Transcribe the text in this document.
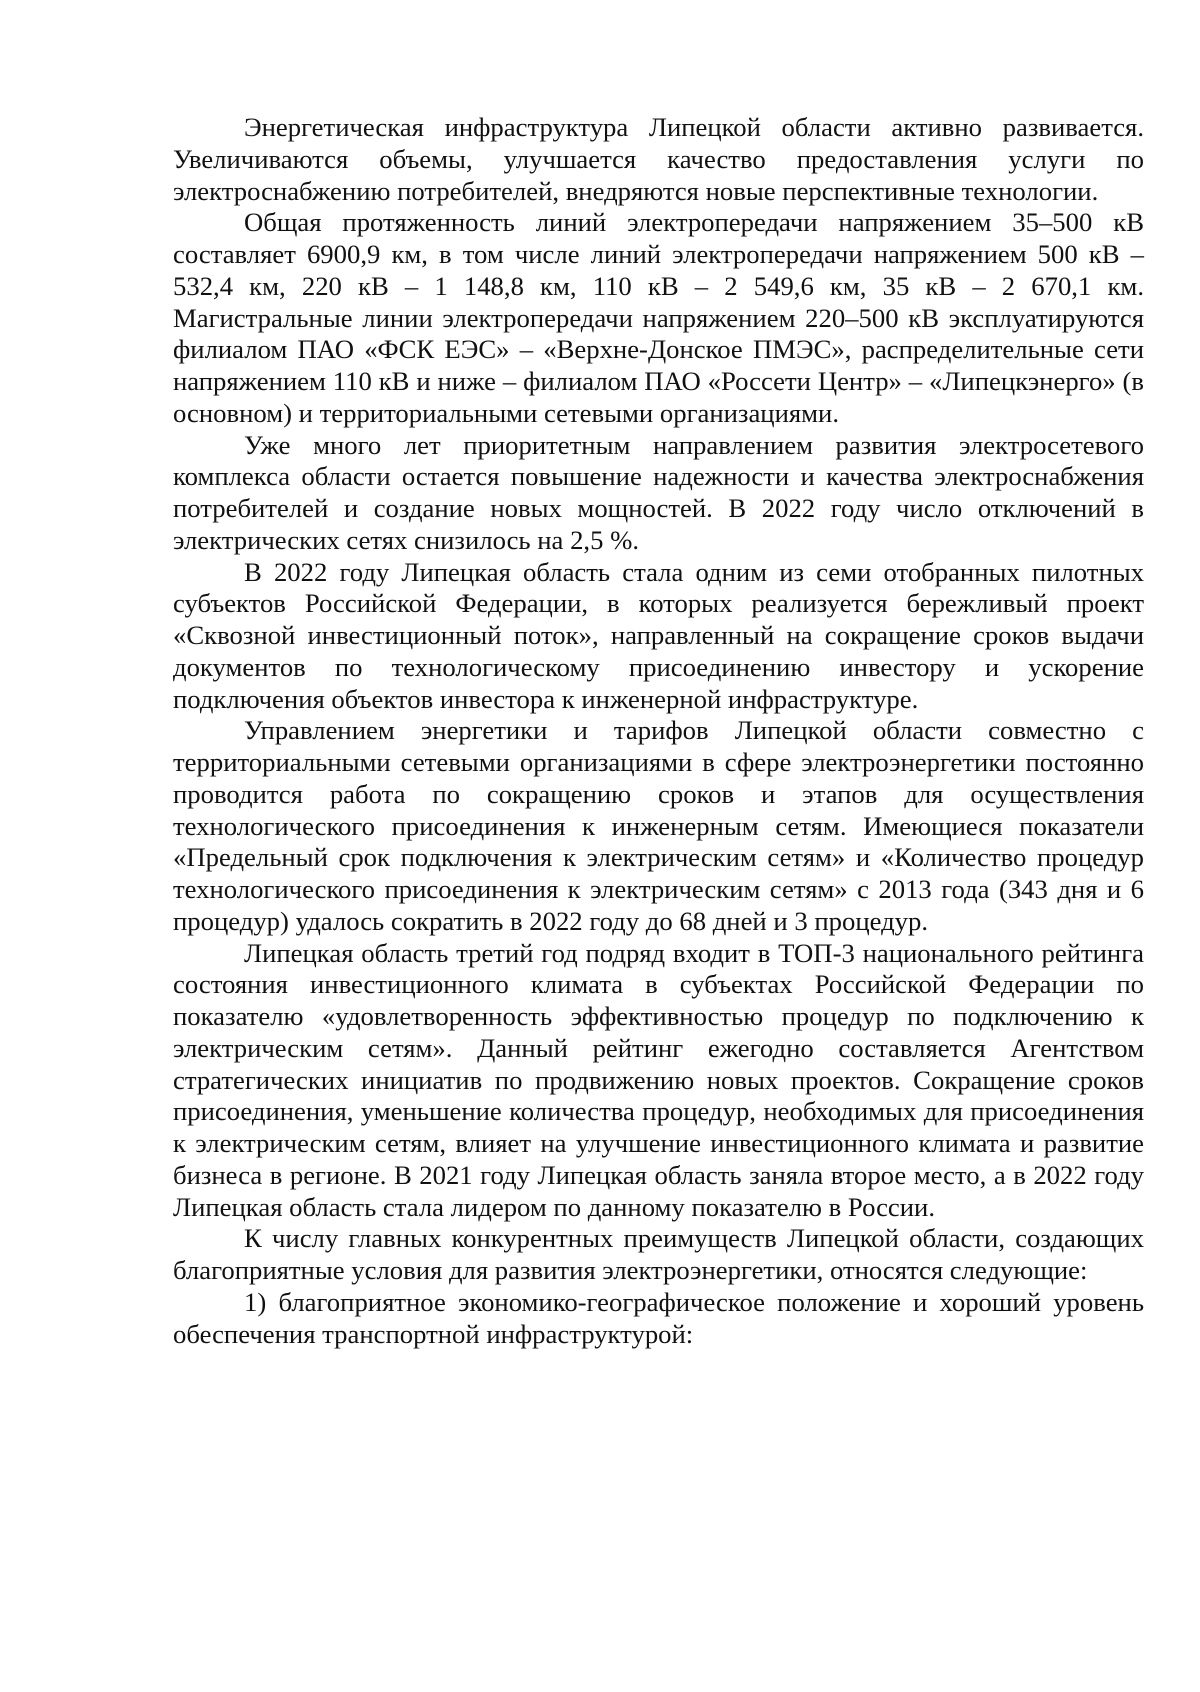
Энергетическая инфраструктура Липецкой области активно развивается. Увеличиваются объемы, улучшается качество предоставления услуги по электроснабжению потребителей, внедряются новые перспективные технологии.

Общая протяженность линий электропередачи напряжением 35–500 кВ составляет 6900,9 км, в том числе линий электропередачи напряжением 500 кВ – 532,4 км, 220 кВ – 1 148,8 км, 110 кВ – 2 549,6 км, 35 кВ – 2 670,1 км. Магистральные линии электропередачи напряжением 220–500 кВ эксплуатируются филиалом ПАО «ФСК ЕЭС» – «Верхне-Донское ПМЭС», распределительные сети напряжением 110 кВ и ниже – филиалом ПАО «Россети Центр» – «Липецкэнерго» (в основном) и территориальными сетевыми организациями.

Уже много лет приоритетным направлением развития электросетевого комплекса области остается повышение надежности и качества электроснабжения потребителей и создание новых мощностей. В 2022 году число отключений в электрических сетях снизилось на 2,5 %.

В 2022 году Липецкая область стала одним из семи отобранных пилотных субъектов Российской Федерации, в которых реализуется бережливый проект «Сквозной инвестиционный поток», направленный на сокращение сроков выдачи документов по технологическому присоединению инвестору и ускорение подключения объектов инвестора к инженерной инфраструктуре.

Управлением энергетики и тарифов Липецкой области совместно с территориальными сетевыми организациями в сфере электроэнергетики постоянно проводится работа по сокращению сроков и этапов для осуществления технологического присоединения к инженерным сетям. Имеющиеся показатели «Предельный срок подключения к электрическим сетям» и «Количество процедур технологического присоединения к электрическим сетям» с 2013 года (343 дня и 6 процедур) удалось сократить в 2022 году до 68 дней и 3 процедур.

Липецкая область третий год подряд входит в ТОП-3 национального рейтинга состояния инвестиционного климата в субъектах Российской Федерации по показателю «удовлетворенность эффективностью процедур по подключению к электрическим сетям». Данный рейтинг ежегодно составляется Агентством стратегических инициатив по продвижению новых проектов. Сокращение сроков присоединения, уменьшение количества процедур, необходимых для присоединения к электрическим сетям, влияет на улучшение инвестиционного климата и развитие бизнеса в регионе. В 2021 году Липецкая область заняла второе место, а в 2022 году Липецкая область стала лидером по данному показателю в России.

К числу главных конкурентных преимуществ Липецкой области, создающих благоприятные условия для развития электроэнергетики, относятся следующие:

1) благоприятное экономико-географическое положение и хороший уровень обеспечения транспортной инфраструктурой:
